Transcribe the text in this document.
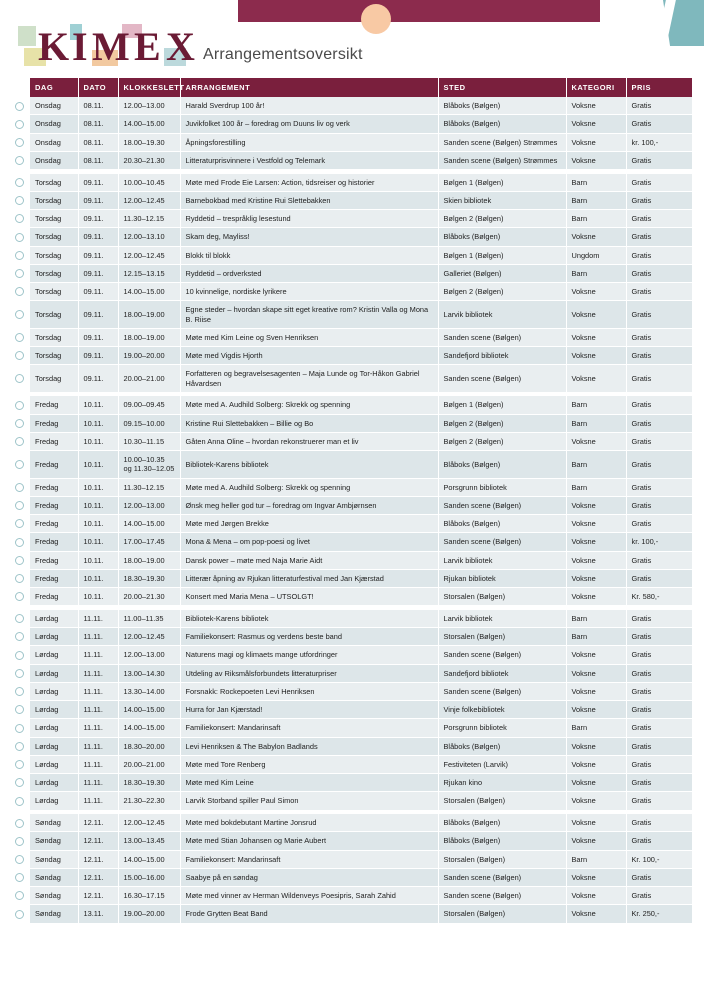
K I M E X Arrangementsoversikt
	DAG	DATO	KLOKKESLETT	ARRANGEMENT	STED	KATEGORI	PRIS
	Onsdag	08.11.	12.00–13.00	Harald Sverdrup 100 år!	Blåboks (Bølgen)	Voksne	Gratis
	Onsdag	08.11.	14.00–15.00	Juvikfolket 100 år – foredrag om Duuns liv og verk	Blåboks (Bølgen)	Voksne	Gratis
	Onsdag	08.11.	18.00–19.30	Åpningsforestilling	Sanden scene (Bølgen) Strømmes	Voksne	kr. 100,-
	Onsdag	08.11.	20.30–21.30	Litteraturprisvinnere i Vestfold og Telemark	Sanden scene (Bølgen) Strømmes	Voksne	Gratis

	Torsdag	09.11.	10.00–10.45	Møte med Frode Eie Larsen: Action, tidsreiser og historier	Bølgen 1 (Bølgen)	Barn	Gratis
	Torsdag	09.11.	12.00–12.45	Barnebokbad med Kristine Rui Slettebakken	Skien bibliotek	Barn	Gratis
	Torsdag	09.11.	11.30–12.15	Ryddetid – trespråklig lesestund	Bølgen 2 (Bølgen)	Barn	Gratis
	Torsdag	09.11.	12.00–13.10	Skam deg, Mayliss!	Blåboks (Bølgen)	Voksne	Gratis
	Torsdag	09.11.	12.00–12.45	Blokk til blokk	Bølgen 1 (Bølgen)	Ungdom	Gratis
	Torsdag	09.11.	12.15–13.15	Ryddetid – ordverksted	Galleriet (Bølgen)	Barn	Gratis
	Torsdag	09.11.	14.00–15.00	10 kvinnelige, nordiske lyrikere	Bølgen 2 (Bølgen)	Voksne	Gratis
	Torsdag	09.11.	18.00–19.00	Egne steder – hvordan skape sitt eget kreative rom? Kristin Valla og Mona B. Riise	Larvik bibliotek	Voksne	Gratis
	Torsdag	09.11.	18.00–19.00	Møte med Kim Leine og Sven Henriksen	Sanden scene (Bølgen)	Voksne	Gratis
	Torsdag	09.11.	19.00–20.00	Møte med Vigdis Hjorth	Sandefjord bibliotek	Voksne	Gratis
	Torsdag	09.11.	20.00–21.00	Forfatteren og begravelsesagenten – Maja Lunde og Tor-Håkon Gabriel Håvardsen	Sanden scene (Bølgen)	Voksne	Gratis

	Fredag	10.11.	09.00–09.45	Møte med A. Audhild Solberg: Skrekk og spenning	Bølgen 1 (Bølgen)	Barn	Gratis
	Fredag	10.11.	09.15–10.00	Kristine Rui Slettebakken – Billie og Bo	Bølgen 2 (Bølgen)	Barn	Gratis
	Fredag	10.11.	10.30–11.15	Gåten Anna Oline – hvordan rekonstruerer man et liv	Bølgen 2 (Bølgen)	Voksne	Gratis
	Fredag	10.11.	10.00–10.35 og 11.30–12.05	Bibliotek-Karens bibliotek	Blåboks (Bølgen)	Barn	Gratis
	Fredag	10.11.	11.30–12.15	Møte med A. Audhild Solberg: Skrekk og spenning	Porsgrunn bibliotek	Barn	Gratis
	Fredag	10.11.	12.00–13.00	Ønsk meg heller god tur – foredrag om Ingvar Ambjørnsen	Sanden scene (Bølgen)	Voksne	Gratis
	Fredag	10.11.	14.00–15.00	Møte med Jørgen Brekke	Blåboks (Bølgen)	Voksne	Gratis
	Fredag	10.11.	17.00–17.45	Mona & Mena – om pop-poesi og livet	Sanden scene (Bølgen)	Voksne	kr. 100,-
	Fredag	10.11.	18.00–19.00	Dansk power – møte med Naja Marie Aidt	Larvik bibliotek	Voksne	Gratis
	Fredag	10.11.	18.30–19.30	Litterær åpning av Rjukan litteraturfestival med Jan Kjærstad	Rjukan bibliotek	Voksne	Gratis
	Fredag	10.11.	20.00–21.30	Konsert med Maria Mena – UTSOLGT!	Storsalen (Bølgen)	Voksne	Kr. 580,-

	Lørdag	11.11.	11.00–11.35	Bibliotek-Karens bibliotek	Larvik bibliotek	Barn	Gratis
	Lørdag	11.11.	12.00–12.45	Familiekonsert: Rasmus og verdens beste band	Storsalen (Bølgen)	Barn	Gratis
	Lørdag	11.11.	12.00–13.00	Naturens magi og klimaets mange utfordringer	Sanden scene (Bølgen)	Voksne	Gratis
	Lørdag	11.11.	13.00–14.30	Utdeling av Riksmålsforbundets litteraturpriser	Sandefjord bibliotek	Voksne	Gratis
	Lørdag	11.11.	13.30–14.00	Forsnakk: Rockepoeten Levi Henriksen	Sanden scene (Bølgen)	Voksne	Gratis
	Lørdag	11.11.	14.00–15.00	Hurra for Jan Kjærstad!	Vinje folkebibliotek	Voksne	Gratis
	Lørdag	11.11.	14.00–15.00	Familiekonsert: Mandarinsaft	Porsgrunn bibliotek	Barn	Gratis
	Lørdag	11.11.	18.30–20.00	Levi Henriksen & The Babylon Badlands	Blåboks (Bølgen)	Voksne	Gratis
	Lørdag	11.11.	20.00–21.00	Møte med Tore Renberg	Festiviteten (Larvik)	Voksne	Gratis
	Lørdag	11.11.	18.30–19.30	Møte med Kim Leine	Rjukan kino	Voksne	Gratis
	Lørdag	11.11.	21.30–22.30	Larvik Storband spiller Paul Simon	Storsalen (Bølgen)	Voksne	Gratis

	Søndag	12.11.	12.00–12.45	Møte med bokdebutant Martine Jonsrud	Blåboks (Bølgen)	Voksne	Gratis
	Søndag	12.11.	13.00–13.45	Møte med Stian Johansen og Marie Aubert	Blåboks (Bølgen)	Voksne	Gratis
	Søndag	12.11.	14.00–15.00	Familiekonsert: Mandarinsaft	Storsalen (Bølgen)	Barn	Kr. 100,-
	Søndag	12.11.	15.00–16.00	Saabye på en søndag	Sanden scene (Bølgen)	Voksne	Gratis
	Søndag	12.11.	16.30–17.15	Møte med vinner av Herman Wildenveys Poesipris, Sarah Zahid	Sanden scene (Bølgen)	Voksne	Gratis
	Søndag	13.11.	19.00–20.00	Frode Grytten Beat Band	Storsalen (Bølgen)	Voksne	Kr. 250,-
